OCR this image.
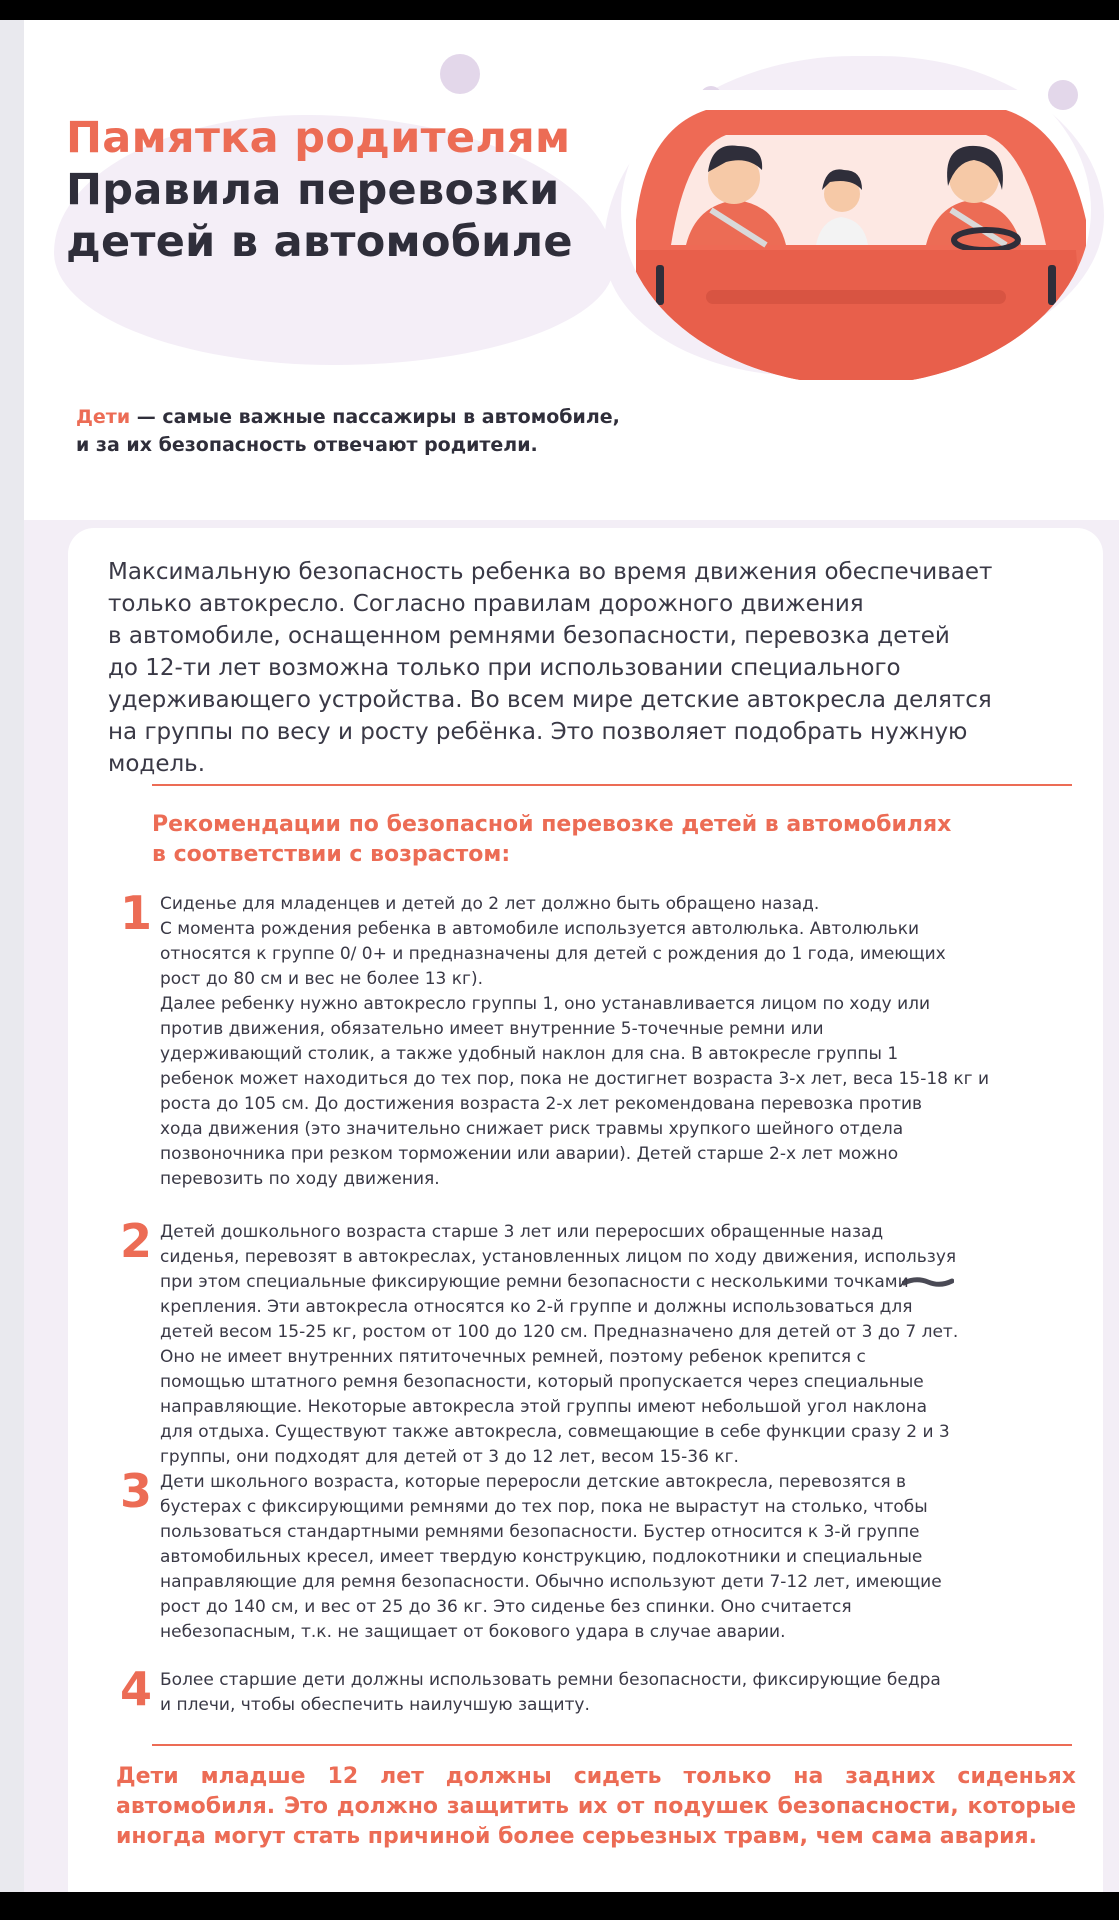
Памятка родителям
Правила перевозки
детей в автомобиле
Дети — самые важные пассажиры в автомобиле,
и за их безопасность отвечают родители.
Максимальную безопасность ребенка во время движения обеспечивает
только автокресло. Согласно правилам дорожного движения
в автомобиле, оснащенном ремнями безопасности, перевозка детей
до 12-ти лет возможна только при использовании специального
удерживающего устройства. Во всем мире детские автокресла делятся
на группы по весу и росту ребёнка. Это позволяет подобрать нужную
модель.
Рекомендации по безопасной перевозке детей в автомобилях
в соответствии с возрастом:
1 Сиденье для младенцев и детей до 2 лет должно быть обращено назад.
С момента рождения ребенка в автомобиле используется автолюлька. Автолюльки
относятся к группе 0/ 0+ и предназначены для детей с рождения до 1 года, имеющих
рост до 80 см и вес не более 13 кг).
Далее ребенку нужно автокресло группы 1, оно устанавливается лицом по ходу или
против движения, обязательно имеет внутренние 5-точечные ремни или
удерживающий столик, а также удобный наклон для сна. В автокресле группы 1
ребенок может находиться до тех пор, пока не достигнет возраста 3-х лет, веса 15-18 кг и
роста до 105 см. До достижения возраста 2-х лет рекомендована перевозка против
хода движения (это значительно снижает риск травмы хрупкого шейного отдела
позвоночника при резком торможении или аварии). Детей старше 2-х лет можно
перевозить по ходу движения.
2 Детей дошкольного возраста старше 3 лет или переросших обращенные назад
сиденья, перевозят в автокреслах, установленных лицом по ходу движения, используя
при этом специальные фиксирующие ремни безопасности с несколькими точками
крепления. Эти автокресла относятся ко 2-й группе и должны использоваться для
детей весом 15-25 кг, ростом от 100 до 120 см. Предназначено для детей от 3 до 7 лет.
Оно не имеет внутренних пятиточечных ремней, поэтому ребенок крепится с
помощью штатного ремня безопасности, который пропускается через специальные
направляющие. Некоторые автокресла этой группы имеют небольшой угол наклона
для отдыха. Существуют также автокресла, совмещающие в себе функции сразу 2 и 3
группы, они подходят для детей от 3 до 12 лет, весом 15-36 кг.
3 Дети школьного возраста, которые переросли детские автокресла, перевозятся в
бустерах с фиксирующими ремнями до тех пор, пока не вырастут на столько, чтобы
пользоваться стандартными ремнями безопасности. Бустер относится к 3-й группе
автомобильных кресел, имеет твердую конструкцию, подлокотники и специальные
направляющие для ремня безопасности. Обычно используют дети 7-12 лет, имеющие
рост до 140 см, и вес от 25 до 36 кг. Это сиденье без спинки. Оно считается
небезопасным, т.к. не защищает от бокового удара в случае аварии.
4 Более старшие дети должны использовать ремни безопасности, фиксирующие бедра
и плечи, чтобы обеспечить наилучшую защиту.
Дети младше 12 лет должны сидеть только на задних сиденьях автомобиля. Это должно защитить их от подушек безопасности, которые иногда могут стать причиной более серьезных травм, чем сама авария.
